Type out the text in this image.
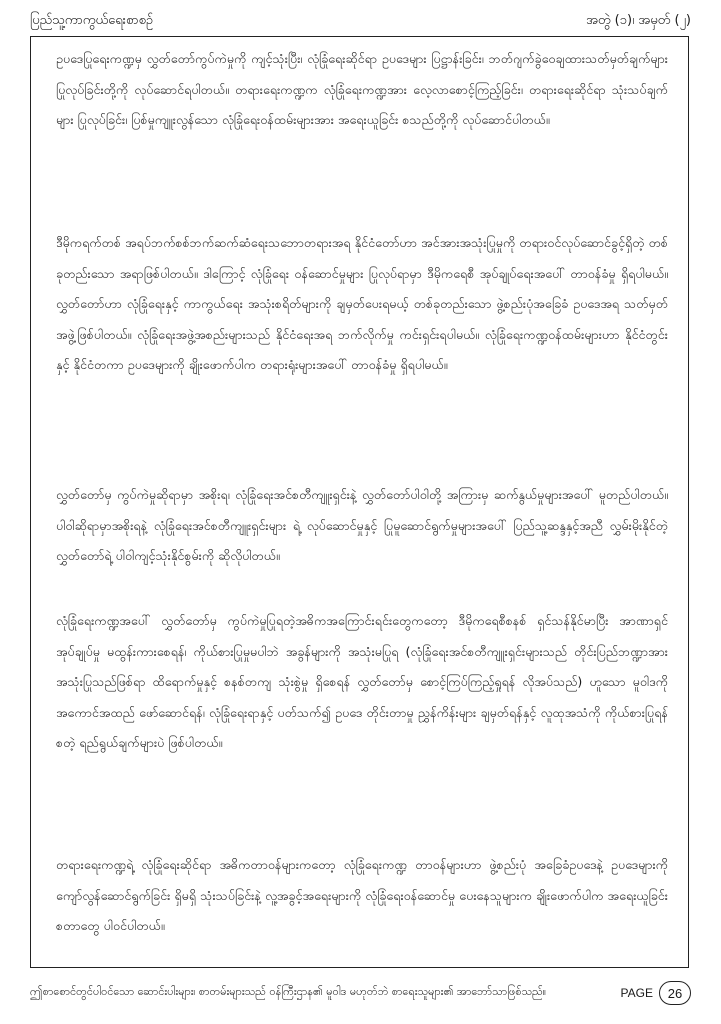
ပြည်သူ့ကာကွယ်ရေးစာစဥ်	အတွဲ (၁)၊ အမှတ် (၂)

ဥပဒေပြုရေးကဏ္ဍမှ လွှတ်တော်ကွပ်ကဲမှုကို ကျင့်သုံးပြီး၊ လုံခြုံရေးဆိုင်ရာ ဥပဒေများ ပြဋ္ဌာန်းခြင်း၊ ဘတ်ဂျက်ခွဲဝေချထားသတ်မှတ်ချက်များ ပြုလုပ်ခြင်းတို့ကို လုပ်ဆောင်ရပါတယ်။ တရားရေးကဏ္ဍက လုံခြုံရေးကဏ္ဍအား လေ့လာစောင့်ကြည့်ခြင်း၊ တရားရေးဆိုင်ရာ သုံးသပ်ချက်များ ပြုလုပ်ခြင်း၊ ပြစ်မှုကျူးလွန်သော လုံခြုံရေးဝန်ထမ်းများအား အရေးယူခြင်း စသည်တို့ကို လုပ်ဆောင်ပါတယ်။

ဒီမိုကရက်တစ် အရပ်ဘက်စစ်ဘက်ဆက်ဆံရေးသဘောတရားအရ နိုင်ငံတော်ဟာ အင်အားအသုံးပြုမှုကို တရားဝင်လုပ်ဆောင်ခွင့်ရှိတဲ့ တစ်ခုတည်းသော အရာဖြစ်ပါတယ်။ ဒါကြောင့် လုံခြုံရေး ဝန်ဆောင်မှုများ ပြုလုပ်ရာမှာ ဒီမိုကရေစီ အုပ်ချုပ်ရေးအပေါ် တာဝန်ခံမှု ရှိရပါမယ်။ လွှတ်တော်ဟာ လုံခြုံရေးနှင့် ကာကွယ်ရေး အသုံးစရိတ်များကို ချမှတ်ပေးရမယ့် တစ်ခုတည်းသော ဖွဲ့စည်းပုံအခြေခံ ဥပဒေအရ သတ်မှတ်အဖွဲ့ဖြစ်ပါတယ်။ လုံခြုံရေးအဖွဲ့အစည်းများသည် နိုင်ငံရေးအရ ဘက်လိုက်မှု ကင်းရှင်းရပါမယ်။ လုံခြုံရေးကဏ္ဍဝန်ထမ်းများဟာ နိုင်ငံတွင်းနှင့် နိုင်ငံတကာ ဥပဒေများကို ချိုးဖောက်ပါက တရားရုံးများအပေါ် တာဝန်ခံမှု ရှိရပါမယ်။

လွှတ်တော်မှ ကွပ်ကဲမှုဆိုရာမှာ အစိုးရ၊ လုံခြုံရေးအင်စတီကျူးရှင်းနဲ့ လွှတ်တော်ပါဝါတို့ အကြားမှ ဆက်နွယ်မှုများအပေါ် မူတည်ပါတယ်။ ပါဝါဆိုရာမှာအစိုးရနဲ့ လုံခြုံရေးအင်စတီကျူးရှင်းများ ရဲ့ လုပ်ဆောင်မှုနှင့် ပြုမူဆောင်ရွက်မှုများအပေါ် ပြည်သူ့ဆန္ဒနှင့်အညီ လွှမ်းမိုးနိုင်တဲ့ လွှတ်တော်ရဲ့ ပါဝါကျင့်သုံးနိုင်စွမ်းကို ဆိုလိုပါတယ်။

လုံခြုံရေးကဏ္ဍအပေါ် လွှတ်တော်မှ ကွပ်ကဲမှုပြုရတဲ့အဓိကအကြောင်းရင်းတွေကတော့ ဒီမိုကရေစီစနစ် ရှင်သန်နိုင်မာပြီး အာဏာရှင်အုပ်ချုပ်မှု မထွန်းကားစေရန်၊ ကိုယ်စားပြုမှုမပါဘဲ အခွန်များကို အသုံးမပြုရ (လုံခြုံရေးအင်စတီကျူးရှင်းများသည် တိုင်းပြည်ဘဏ္ဍာအား အသုံးပြုသည်ဖြစ်ရာ ထိရောက်မှုနှင့် စနစ်တကျ သုံးစွဲမှု ရှိစေရန် လွှတ်တော်မှ စောင့်ကြပ်ကြည့်ရှုရန် လိုအပ်သည်) ဟူသော မူဝါဒကို အကောင်အထည် ဖော်ဆောင်ရန်၊ လုံခြုံရေးရာနှင့် ပတ်သက်၍ ဥပဒေ တိုင်းတာမှု ညွှန်ကိန်းများ ချမှတ်ရန်နှင့် လူထုအသံကို ကိုယ်စားပြုရန် စတဲ့ ရည်ရွယ်ချက်များပဲ ဖြစ်ပါတယ်။

တရားရေးကဏ္ဍရဲ့ လုံခြုံရေးဆိုင်ရာ အဓိကတာဝန်များကတော့ လုံခြုံရေးကဏ္ဍ တာဝန်များဟာ ဖွဲ့စည်းပုံ အခြေခံဥပဒေနဲ့ ဥပဒေများကို ကျော်လွန်ဆောင်ရွက်ခြင်း ရှိမရှိ သုံးသပ်ခြင်းနဲ့ လူ့အခွင့်အရေးများကို လုံခြုံရေးဝန်ဆောင်မှု ပေးနေသူများက ချိုးဖောက်ပါက အရေးယူခြင်း စတာတွေ ပါဝင်ပါတယ်။

ဤစာစောင်တွင်ပါဝင်သော ဆောင်းပါးများ၊ စာတမ်းများသည် ဝန်ကြီးဌာန၏ မူဝါဒ မဟုတ်ဘဲ စာရေးသူများ၏ အာဘော်သာဖြစ်သည်။	PAGE	26
